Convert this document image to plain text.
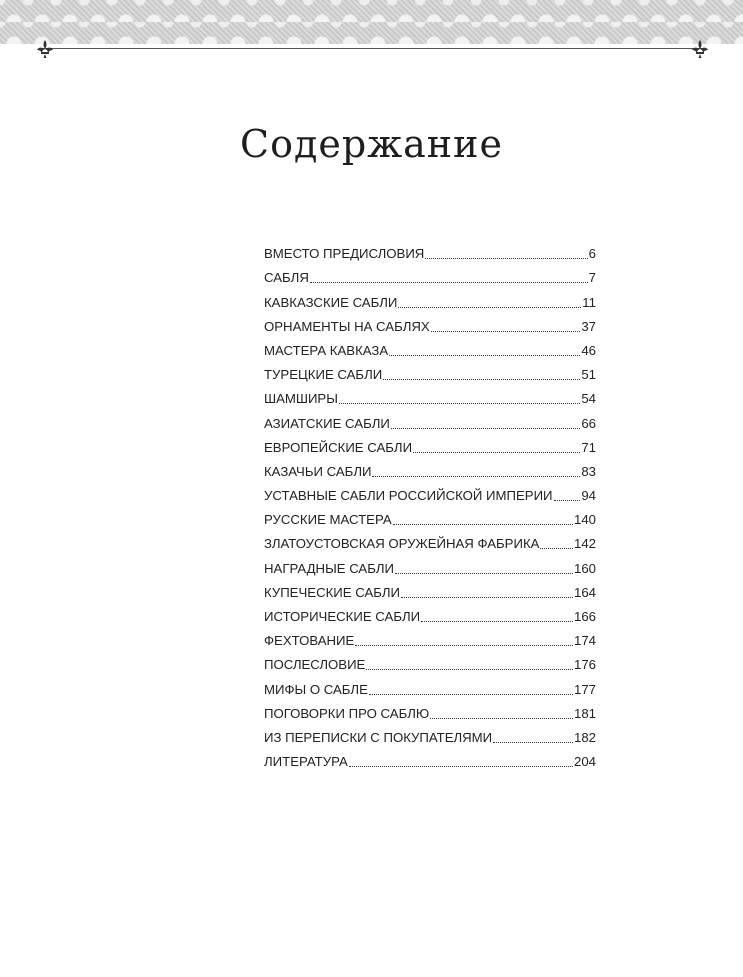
Содержание
ВМЕСТО ПРЕДИСЛОВИЯ	6
САБЛЯ	7
КАВКАЗСКИЕ САБЛИ	11
ОРНАМЕНТЫ НА САБЛЯХ	37
МАСТЕРА КАВКАЗА	46
ТУРЕЦКИЕ САБЛИ	51
ШАМШИРЫ	54
АЗИАТСКИЕ САБЛИ	66
ЕВРОПЕЙСКИЕ САБЛИ	71
КАЗАЧЬИ САБЛИ	83
УСТАВНЫЕ САБЛИ РОССИЙСКОЙ ИМПЕРИИ 94
РУССКИЕ МАСТЕРА	140
ЗЛАТОУСТОВСКАЯ ОРУЖЕЙНАЯ ФАБРИКА	142
НАГРАДНЫЕ САБЛИ	160
КУПЕЧЕСКИЕ САБЛИ	164
ИСТОРИЧЕСКИЕ САБЛИ	166
ФЕХТОВАНИЕ	174
ПОСЛЕСЛОВИЕ	176
МИФЫ О САБЛЕ	177
ПОГОВОРКИ ПРО САБЛЮ	181
ИЗ ПЕРЕПИСКИ С ПОКУПАТЕЛЯМИ	182
ЛИТЕРАТУРА	204
